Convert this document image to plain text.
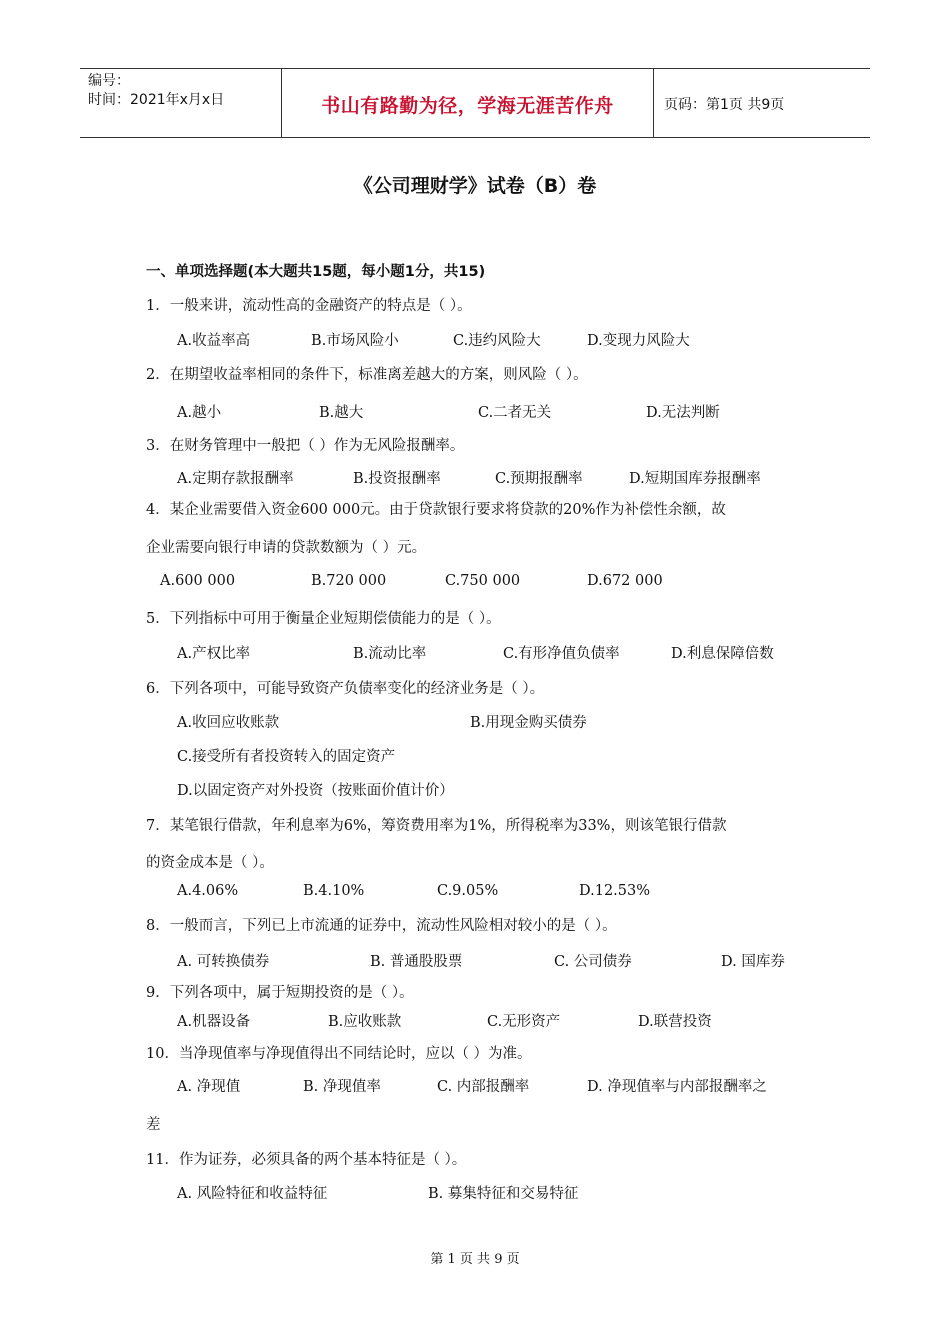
编号：
时间：2021年x月x日	书山有路勤为径，学海无涯苦作舟	页码：第1页 共9页
《公司理财学》试卷（B）卷
一、单项选择题(本大题共15题，每小题1分，共15)
1．一般来讲，流动性高的金融资产的特点是（ ）。
A.收益率高	B.市场风险小	C.违约风险大	D.变现力风险大
2．在期望收益率相同的条件下，标准离差越大的方案，则风险（ ）。
A.越小	B.越大	C.二者无关	D.无法判断
3．在财务管理中一般把（ ）作为无风险报酬率。
A.定期存款报酬率	B.投资报酬率	C.预期报酬率	D.短期国库券报酬率
4．某企业需要借入资金600 000元。由于贷款银行要求将贷款的20%作为补偿性余额，故
企业需要向银行申请的贷款数额为（ ）元。
A.600 000	B.720 000	C.750 000	D.672 000
5．下列指标中可用于衡量企业短期偿债能力的是（ ）。
A.产权比率	B.流动比率	C.有形净值负债率	D.利息保障倍数
6．下列各项中，可能导致资产负债率变化的经济业务是（ ）。
A.收回应收账款	B.用现金购买债券
C.接受所有者投资转入的固定资产
D.以固定资产对外投资（按账面价值计价）
7．某笔银行借款，年利息率为6%，筹资费用率为1%，所得税率为33%，则该笔银行借款
的资金成本是（ ）。
A.4.06%	B.4.10%	C.9.05%	D.12.53%
8．一般而言，下列已上市流通的证券中，流动性风险相对较小的是（ ）。
A. 可转换债券	B. 普通股股票	C. 公司债券	D. 国库券
9．下列各项中，属于短期投资的是（ ）。
A.机器设备	B.应收账款	C.无形资产	D.联营投资
10．当净现值率与净现值得出不同结论时，应以（ ）为准。
A. 净现值	B. 净现值率	C. 内部报酬率	D. 净现值率与内部报酬率之
差
11．作为证券，必须具备的两个基本特征是（ ）。
A. 风险特征和收益特征	B. 募集特征和交易特征
第 1 页 共 9 页
